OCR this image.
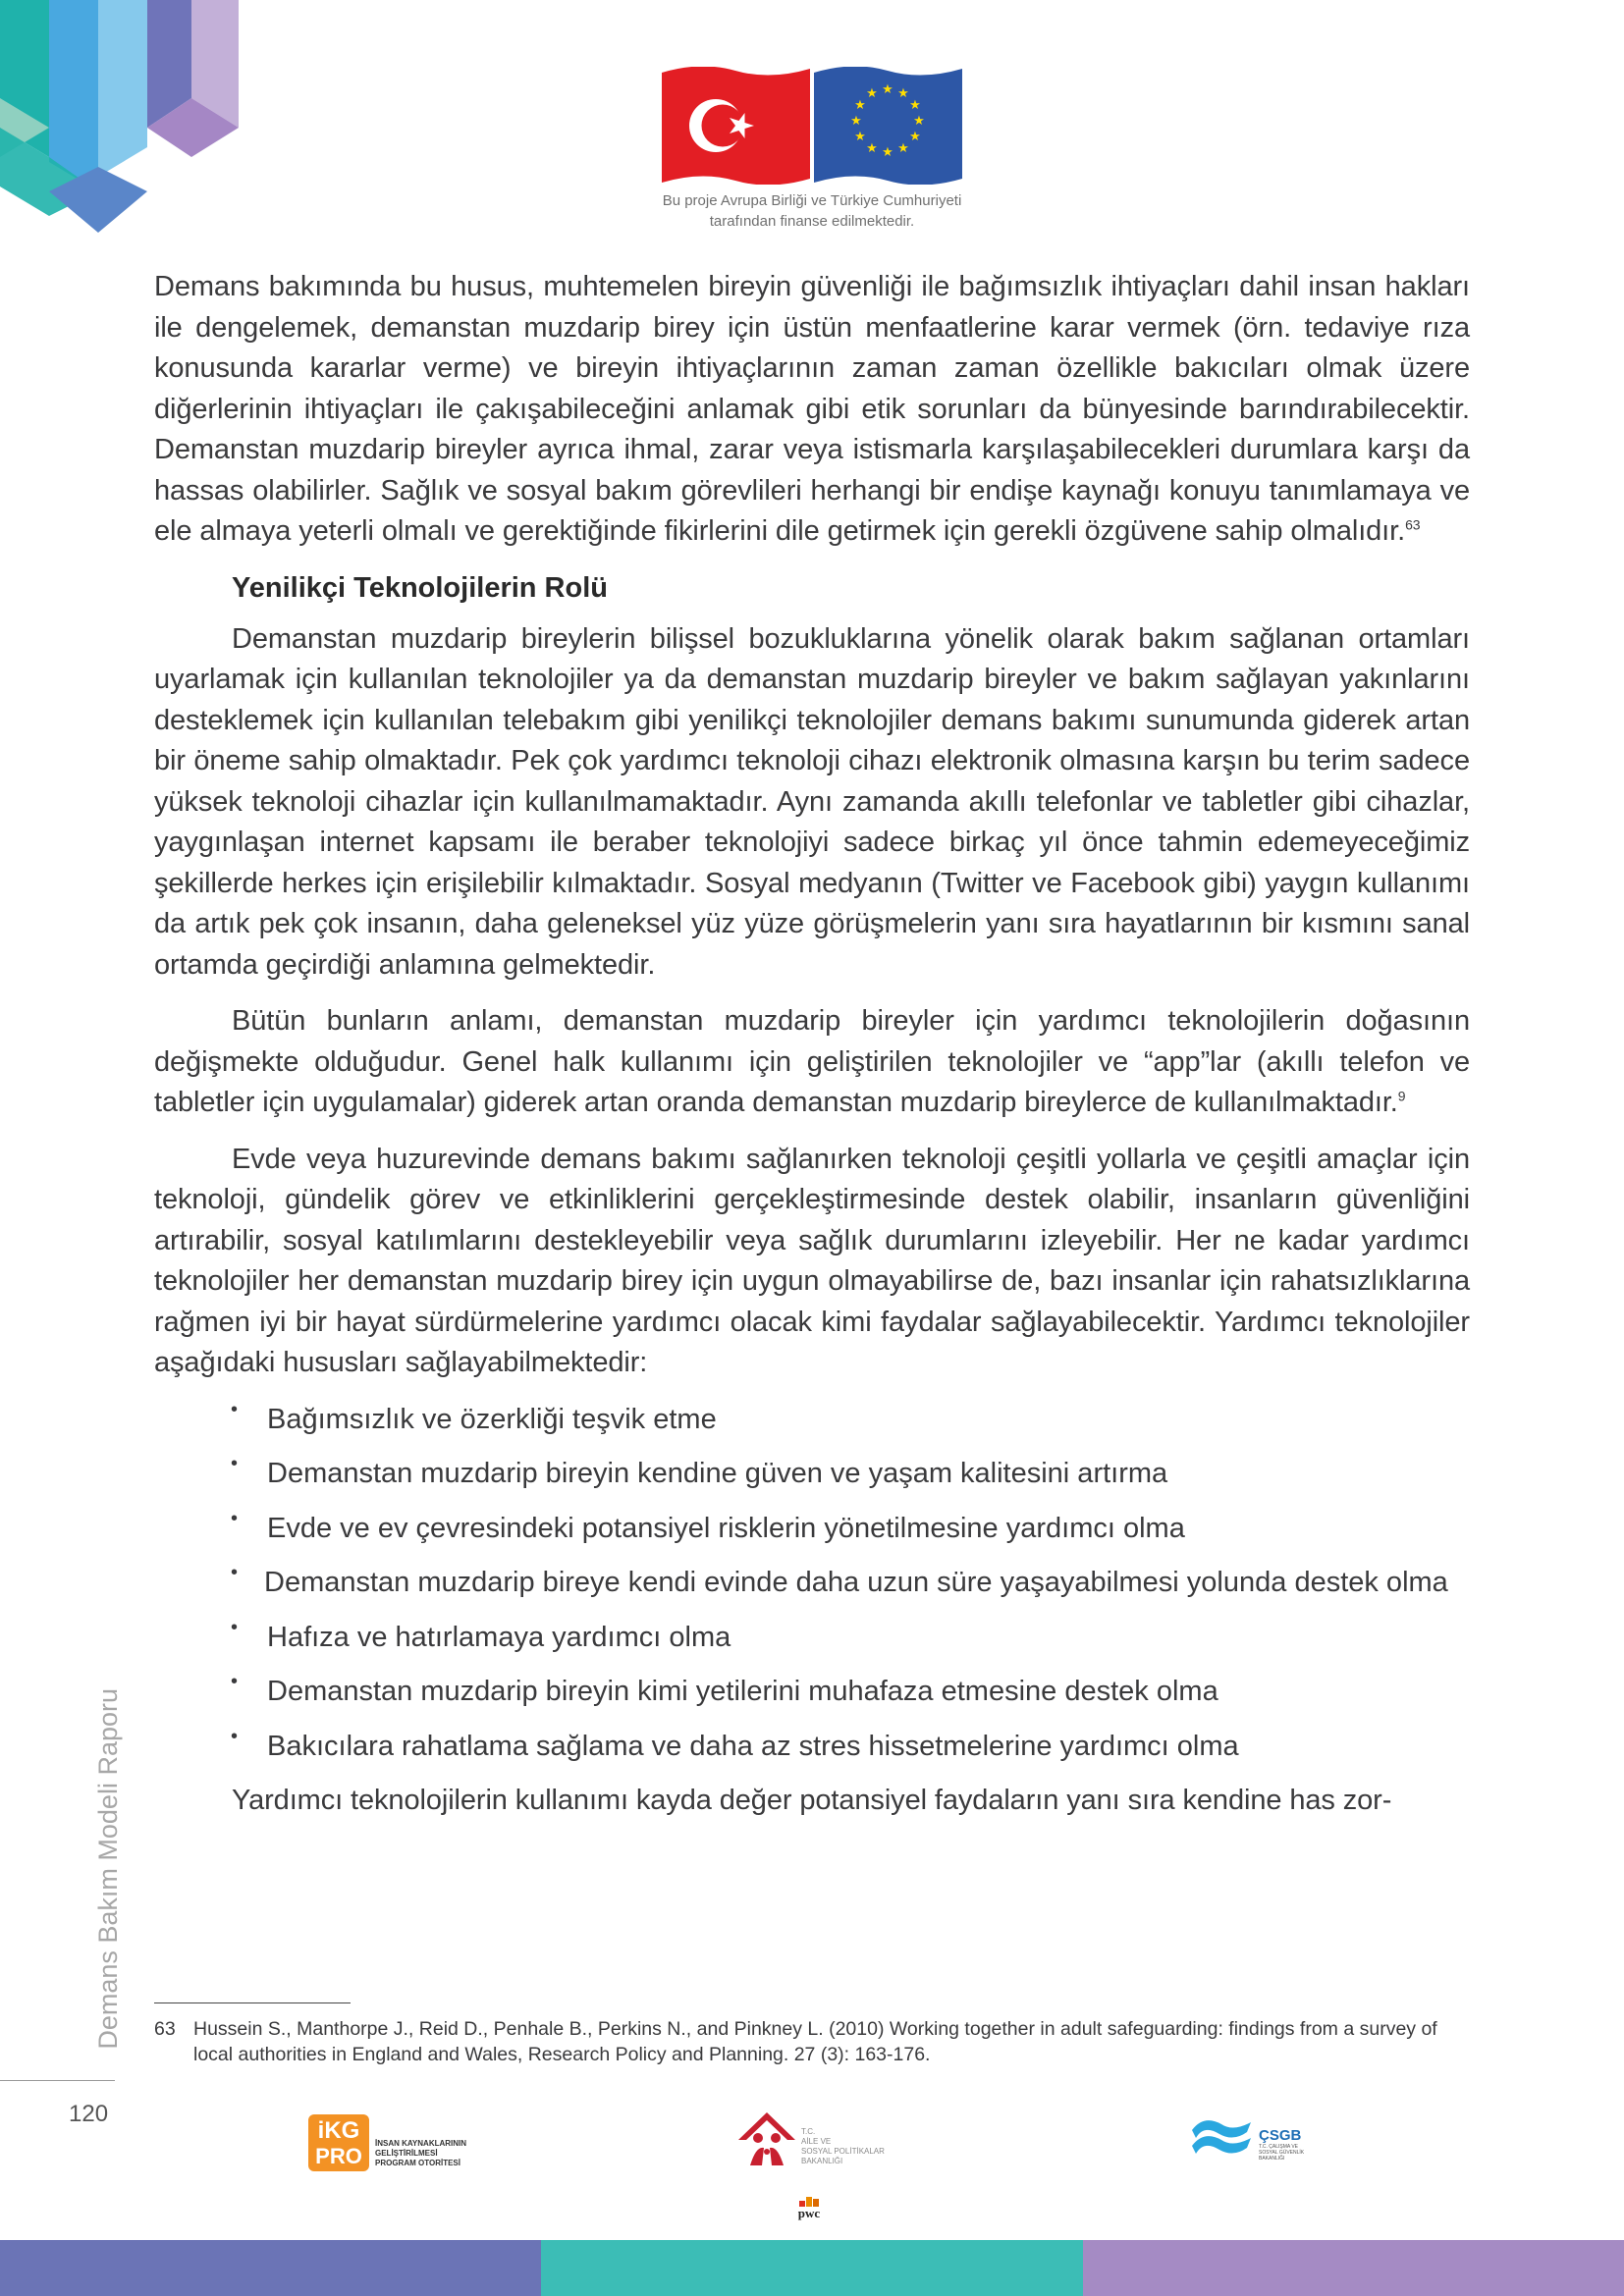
★ ★
★
★
★
★
★
★
★
★
★
★
Bu proje Avrupa Birliği ve Türkiye Cumhuriyeti
tarafından finanse edilmektedir.

Demans bakımında bu husus, muhtemelen bireyin güvenliği ile bağımsızlık ihtiyaçları dahil insan hakları ile dengelemek, demanstan muzdarip birey için üstün menfaatlerine karar vermek (örn. tedaviye rıza konusunda kararlar verme) ve bireyin ihtiyaçlarının zaman zaman özellikle bakıcıları olmak üzere diğerlerinin ihtiyaçları ile çakışabileceğini anlamak gibi etik sorunları da bünyesinde barındırabilecektir. Demanstan muzdarip bireyler ayrıca ihmal, zarar veya istismarla karşılaşabilecekleri durumlara karşı da hassas olabilirler. Sağlık ve sosyal bakım görevlileri herhangi bir endişe kaynağı konuyu tanımlamaya ve ele almaya yeterli olmalı ve gerektiğinde fikirlerini dile getirmek için gerekli özgüvene sahip olmalıdır.$^{63}$

Yenilikçi Teknolojilerin Rolü

Demanstan muzdarip bireylerin bilişsel bozukluklarına yönelik olarak bakım sağlanan ortamları uyarlamak için kullanılan teknolojiler ya da demanstan muzdarip bireyler ve bakım sağlayan yakınlarını desteklemek için kullanılan telebakım gibi yenilikçi teknolojiler demans bakımı sunumunda giderek artan bir öneme sahip olmaktadır. Pek çok yardımcı teknoloji cihazı elektronik olmasına karşın bu terim sadece yüksek teknoloji cihazlar için kullanılmamaktadır. Aynı zamanda akıllı telefonlar ve tabletler gibi cihazlar, yaygınlaşan internet kapsamı ile beraber teknolojiyi sadece birkaç yıl önce tahmin edemeyeceğimiz şekillerde herkes için erişilebilir kılmaktadır. Sosyal medyanın (Twitter ve Facebook gibi) yaygın kullanımı da artık pek çok insanın, daha geleneksel yüz yüze görüşmelerin yanı sıra hayatlarının bir kısmını sanal ortamda geçirdiği anlamına gelmektedir.

Bütün bunların anlamı, demanstan muzdarip bireyler için yardımcı teknolojilerin doğasının değişmekte olduğudur. Genel halk kullanımı için geliştirilen teknolojiler ve “app”lar (akıllı telefon ve tabletler için uygulamalar) giderek artan oranda demanstan muzdarip bireylerce de kullanılmaktadır.$^9$

Evde veya huzurevinde demans bakımı sağlanırken teknoloji çeşitli yollarla ve çeşitli amaçlar için teknoloji, gündelik görev ve etkinliklerini gerçekleştirmesinde destek olabilir, insanların güvenliğini artırabilir, sosyal katılımlarını destekleyebilir veya sağlık durumlarını izleyebilir. Her ne kadar yardımcı teknolojiler her demanstan muzdarip birey için uygun olmayabilirse de, bazı insanlar için rahatsızlıklarına rağmen iyi bir hayat sürdürmelerine yardımcı olacak kimi faydalar sağlayabilecektir. Yardımcı teknolojiler aşağıdaki hususları sağlayabilmektedir:

• Bağımsızlık ve özerkliği teşvik etme
• Demanstan muzdarip bireyin kendine güven ve yaşam kalitesini artırma
• Evde ve ev çevresindeki potansiyel risklerin yönetilmesine yardımcı olma
• Demanstan muzdarip bireye kendi evinde daha uzun süre yaşayabilmesi yolunda destek olma
• Hafıza ve hatırlamaya yardımcı olma
• Demanstan muzdarip bireyin kimi yetilerini muhafaza etmesine destek olma
• Bakıcılara rahatlama sağlama ve daha az stres hissetmelerine yardımcı olma

Yardımcı teknolojilerin kullanımı kayda değer potansiyel faydaların yanı sıra kendine has zor-

63 Hussein S., Manthorpe J., Reid D., Penhale B., Perkins N., and Pinkney L. (2010) Working together in adult safeguarding: findings from a survey of local authorities in England and Wales, Research Policy and Planning. 27 (3): 163-176.
Demans Bakım Modeli Raporu
120
iKG
PRO
İNSAN KAYNAKLARININ
GELİŞTİRİLMESİ
PROGRAM OTORİTESİ
T.C.
AİLE VE
SOSYAL POLİTİKALAR
BAKANLIĞI
pwc
ÇSGB
T.C. ÇALIŞMA VE
SOSYAL GÜVENLİK
BAKANLIĞI
